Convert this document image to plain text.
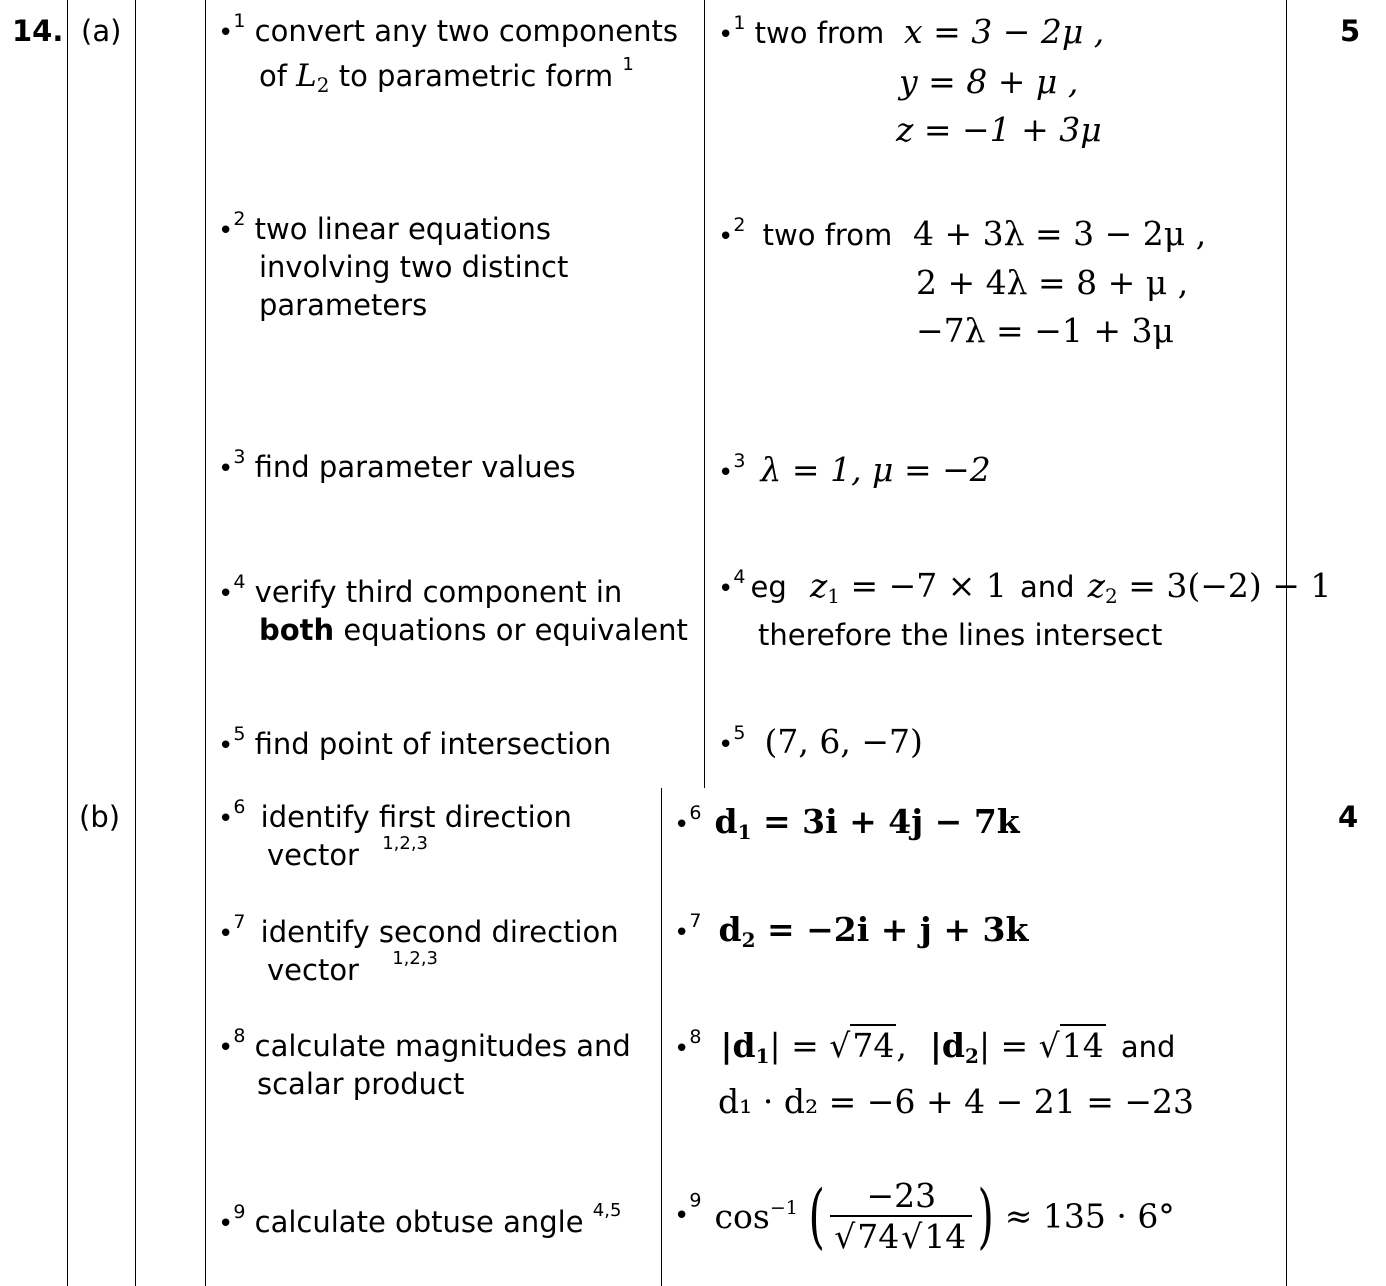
14. (a)
(b)
5
4
•$^1$ convert any two components
of $L_2$ to parametric form $^1$
•$^2$ two linear equations
involving two distinct
parameters
•$^3$ find parameter values
•$^4$ verify third component in
both equations or equivalent
•$^5$ find point of intersection
•$^6$ identify first direction
vector $^{1,2,3}$
•$^7$ identify second direction
vector $^{1,2,3}$
•$^8$ calculate magnitudes and
scalar product
•$^9$ calculate obtuse angle $^{4,5}$
•$^1$ two from x = 3 − 2μ ,
y = 8 + μ ,
z = −1 + 3μ
•$^2$ two from 4 + 3λ = 3 − 2μ ,
2 + 4λ = 8 + μ ,
−7λ = −1 + 3μ
•$^3$ λ = 1, μ = −2
•$^4$ eg $z_1 = -7 \times 1$ and $z_2 = 3(-2) - 1$
therefore the lines intersect
•$^5$ (7, 6, −7)
•$^6$ $d_1 = 3i + 4j - 7k$
•$^7$ $d_2 = -2i + j + 3k$
•$^8$ $|d_1| = √74$, $|d_2| = √14$ and
d₁ · d₂ = −6 + 4 − 21 = −23
•$^9$ $\cos^{-1}$ ( $\frac{-23}{√74√14}$ ) ≈ 135 · 6°
